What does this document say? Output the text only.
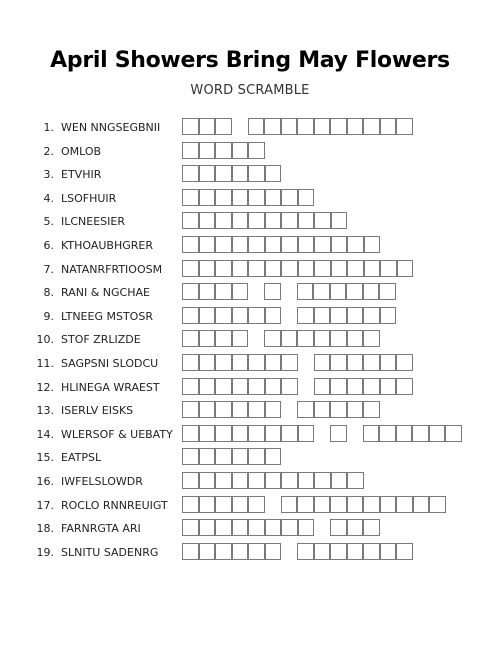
April Showers Bring May Flowers
WORD SCRAMBLE
1. WEN NNGSEGBNII
2. OMLOB
3. ETVHIR
4. LSOFHUIR
5. ILCNEESIER
6. KTHOAUBHGRER
7. NATANRFRTIOOSM
8. RANI & NGCHAE
9. LTNEEG MSTOSR
10. STOF ZRLIZDE
11. SAGPSNI SLODCU
12. HLINEGA WRAEST
13. ISERLV EISKS
14. WLERSOF & UEBATY
15. EATPSL
16. IWFELSLOWDR
17. ROCLO RNNREUIGT
18. FARNRGTA ARI
19. SLNITU SADENRG
